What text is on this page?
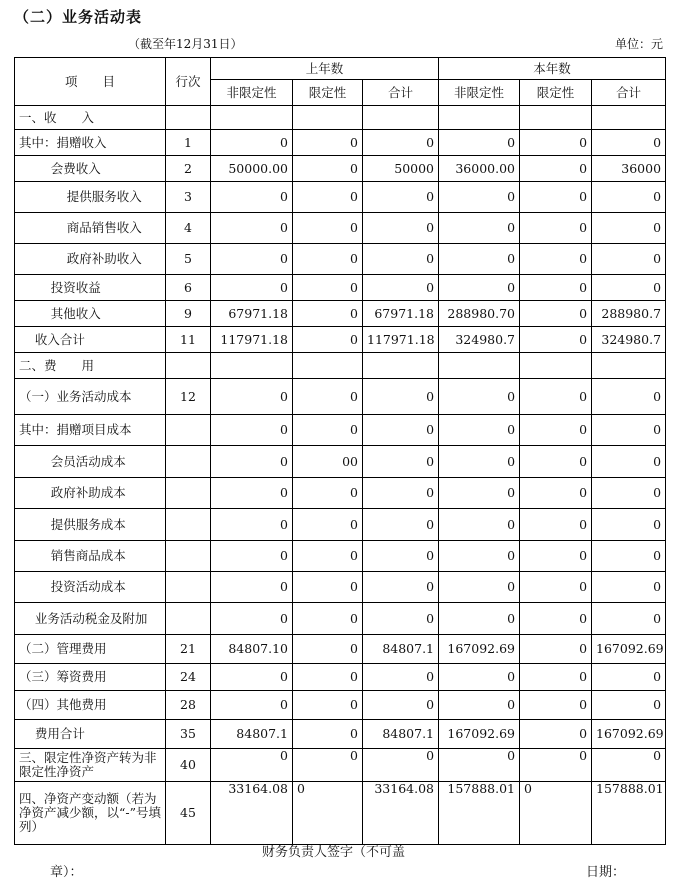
（二）业务活动表
（截至年12月31日）	单位：元
项　　目	行次	上年数			本年数		
		非限定性	限定性	合计	非限定性	限定性	合计
一、收　　入							
其中：捐赠收入	1	0	0	0	0	0	0
会费收入	2	50000.00	0	50000	36000.00	0	36000
提供服务收入	3	0	0	0	0	0	0
商品销售收入	4	0	0	0	0	0	0
政府补助收入	5	0	0	0	0	0	0
投资收益	6	0	0	0	0	0	0
其他收入	9	67971.18	0	67971.18	288980.70	0	288980.7
收入合计	11	117971.18	0	117971.18	324980.7	0	324980.7
二、费　　用							
（一）业务活动成本	12	0	0	0	0	0	0
其中：捐赠项目成本		0	0	0	0	0	0
会员活动成本		0	00	0	0	0	0
政府补助成本		0	0	0	0	0	0
提供服务成本		0	0	0	0	0	0
销售商品成本		0	0	0	0	0	0
投资活动成本		0	0	0	0	0	0
业务活动税金及附加		0	0	0	0	0	0
（二）管理费用	21	84807.10	0	84807.1	167092.69	0	167092.69
（三）筹资费用	24	0	0	0	0	0	0
（四）其他费用	28	0	0	0	0	0	0
费用合计	35	84807.1	0	84807.1	167092.69	0	167092.69
三、限定性净资产转为非限定性净资产	40	0	0	0	0	0	0
四、净资产变动额（若为净资产减少额，以“-”号填列）	45	33164.08	0	33164.08	157888.01	0	157888.01
财务负责人签字（不可盖
章）：	日期：
